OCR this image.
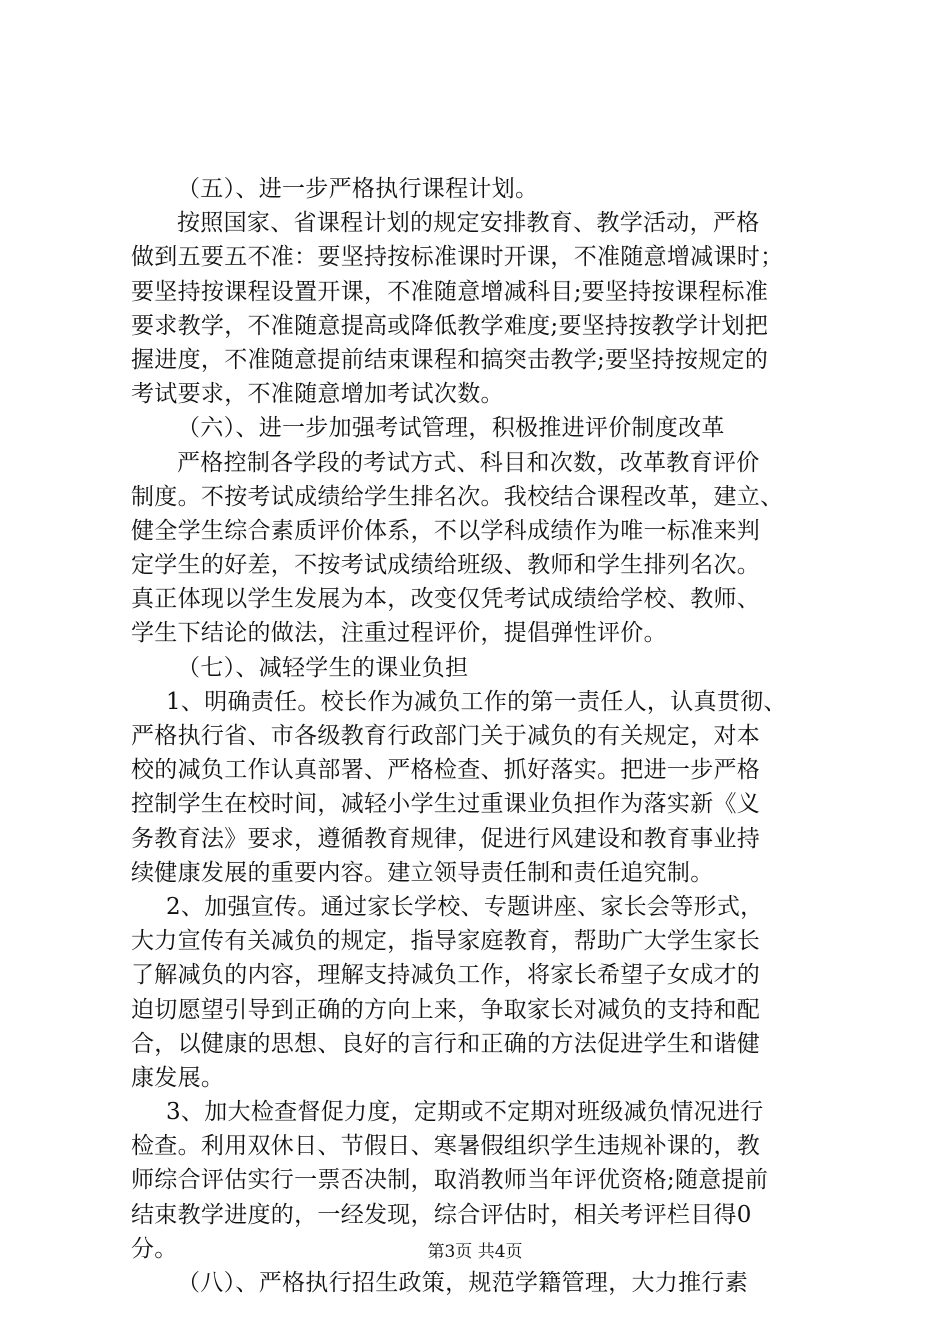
（五）、进一步严格执行课程计划。
按照国家、省课程计划的规定安排教育、教学活动，严格
做到五要五不准：要坚持按标准课时开课，不准随意增减课时；
要坚持按课程设置开课，不准随意增减科目;要坚持按课程标准
要求教学，不准随意提高或降低教学难度;要坚持按教学计划把
握进度，不准随意提前结束课程和搞突击教学;要坚持按规定的
考试要求，不准随意增加考试次数。
（六）、进一步加强考试管理，积极推进评价制度改革
严格控制各学段的考试方式、科目和次数，改革教育评价
制度。不按考试成绩给学生排名次。我校结合课程改革，建立、
健全学生综合素质评价体系，不以学科成绩作为唯一标准来判
定学生的好差，不按考试成绩给班级、教师和学生排列名次。
真正体现以学生发展为本，改变仅凭考试成绩给学校、教师、
学生下结论的做法，注重过程评价，提倡弹性评价。
（七）、减轻学生的课业负担
1、明确责任。校长作为减负工作的第一责任人，认真贯彻、
严格执行省、市各级教育行政部门关于减负的有关规定，对本
校的减负工作认真部署、严格检查、抓好落实。把进一步严格
控制学生在校时间，减轻小学生过重课业负担作为落实新《义
务教育法》要求，遵循教育规律，促进行风建设和教育事业持
续健康发展的重要内容。建立领导责任制和责任追究制。
2、加强宣传。通过家长学校、专题讲座、家长会等形式，
大力宣传有关减负的规定，指导家庭教育，帮助广大学生家长
了解减负的内容，理解支持减负工作，将家长希望子女成才的
迫切愿望引导到正确的方向上来，争取家长对减负的支持和配
合，以健康的思想、良好的言行和正确的方法促进学生和谐健
康发展。
3、加大检查督促力度，定期或不定期对班级减负情况进行
检查。利用双休日、节假日、寒暑假组织学生违规补课的，教
师综合评估实行一票否决制，取消教师当年评优资格;随意提前
结束教学进度的，一经发现，综合评估时，相关考评栏目得0
分。
（八）、严格执行招生政策，规范学籍管理，大力推行素
第3页 共4页
